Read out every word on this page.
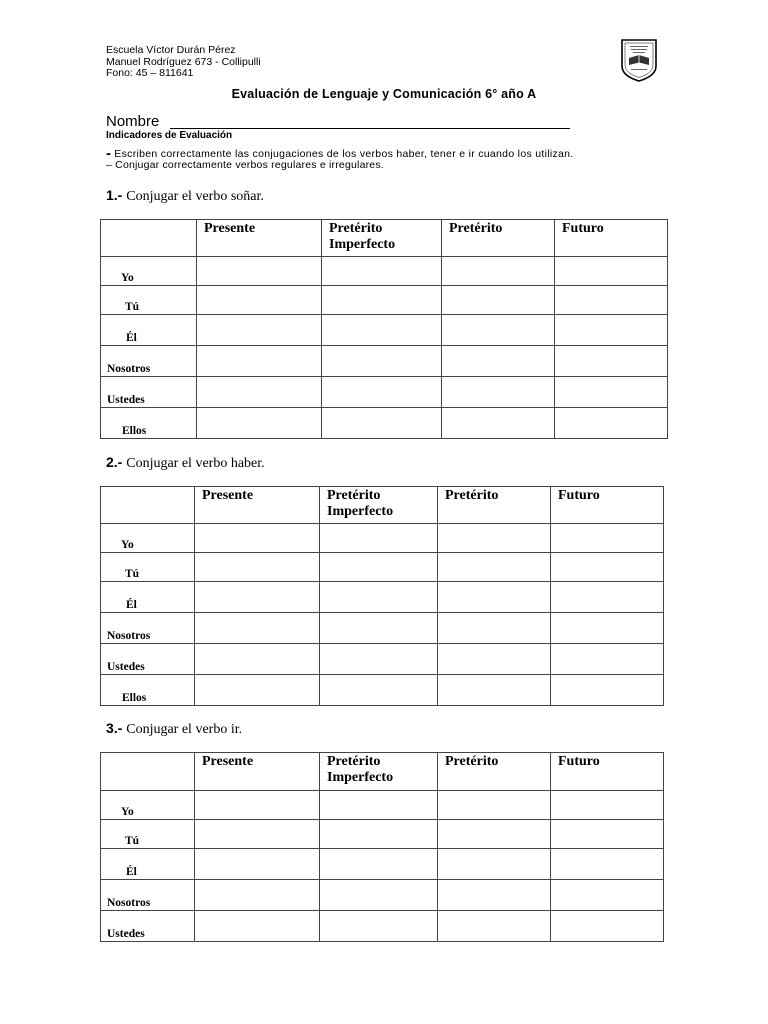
Escuela Víctor Durán Pérez
Manuel Rodríguez 673 - Collipulli
Fono: 45 – 811641
Evaluación de Lenguaje y Comunicación 6° año A
Nombre
Indicadores de Evaluación
- Escriben correctamente las conjugaciones de los verbos haber, tener e ir cuando los utilizan.
– Conjugar correctamente verbos regulares e irregulares.
1.- Conjugar el verbo soñar.
	Presente	Pretérito Imperfecto	Pretérito	Futuro
Yo				
Tú				
Él				
Nosotros				
Ustedes				
Ellos				
2.- Conjugar el verbo haber.
	Presente	Pretérito Imperfecto	Pretérito	Futuro
Yo				
Tú				
Él				
Nosotros				
Ustedes				
Ellos				
3.- Conjugar el verbo ir.
	Presente	Pretérito Imperfecto	Pretérito	Futuro
Yo				
Tú				
Él				
Nosotros				
Ustedes				
